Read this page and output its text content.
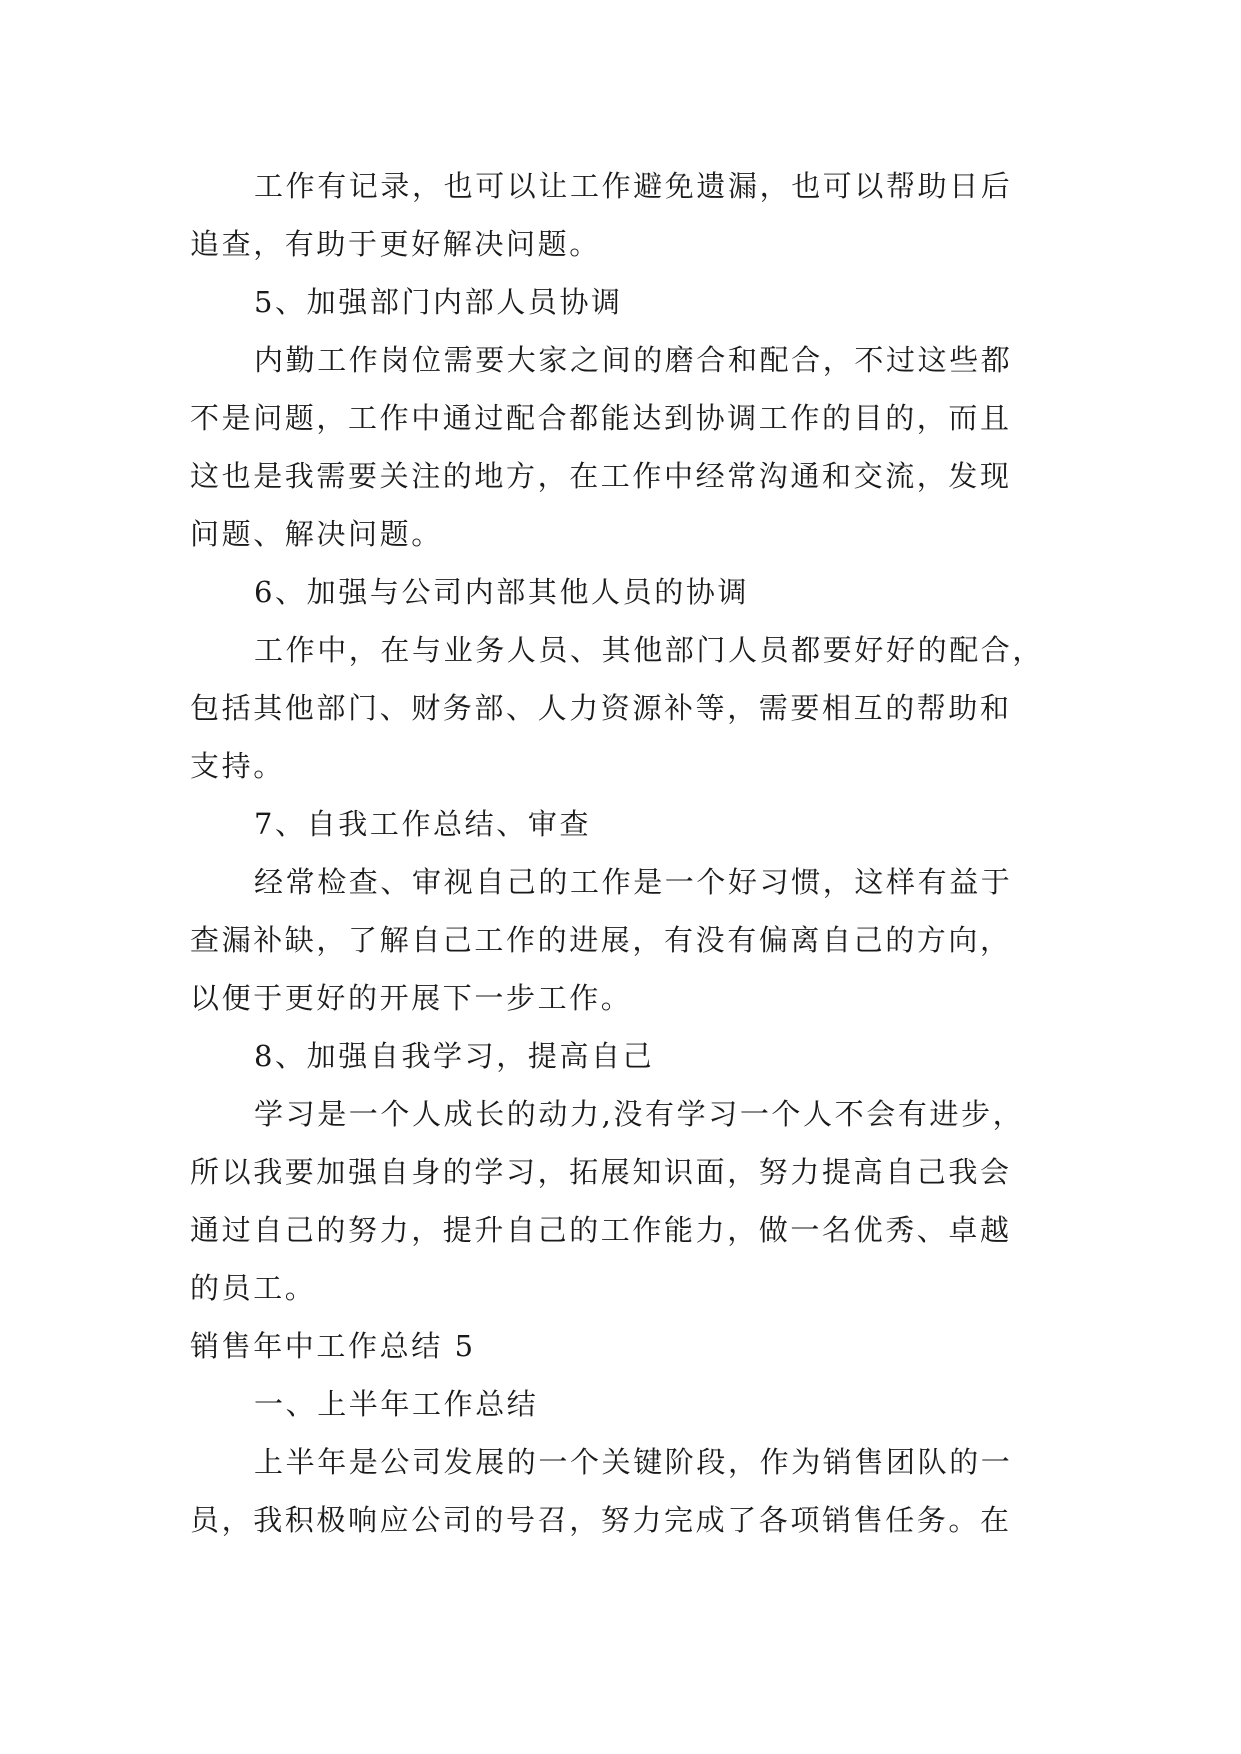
工作有记录，也可以让工作避免遗漏，也可以帮助日后
追查，有助于更好解决问题。
5、加强部门内部人员协调
内勤工作岗位需要大家之间的磨合和配合，不过这些都
不是问题，工作中通过配合都能达到协调工作的目的，而且
这也是我需要关注的地方，在工作中经常沟通和交流，发现
问题、解决问题。
6、加强与公司内部其他人员的协调
工作中，在与业务人员、其他部门人员都要好好的配合，
包括其他部门、财务部、人力资源补等，需要相互的帮助和
支持。
7、自我工作总结、审查
经常检查、审视自己的工作是一个好习惯，这样有益于
查漏补缺，了解自己工作的进展，有没有偏离自己的方向，
以便于更好的开展下一步工作。
8、加强自我学习，提高自己
学习是一个人成长的动力,没有学习一个人不会有进步，
所以我要加强自身的学习，拓展知识面，努力提高自己我会
通过自己的努力，提升自己的工作能力，做一名优秀、卓越
的员工。
销售年中工作总结 5
一、上半年工作总结
上半年是公司发展的一个关键阶段，作为销售团队的一
员，我积极响应公司的号召，努力完成了各项销售任务。在
